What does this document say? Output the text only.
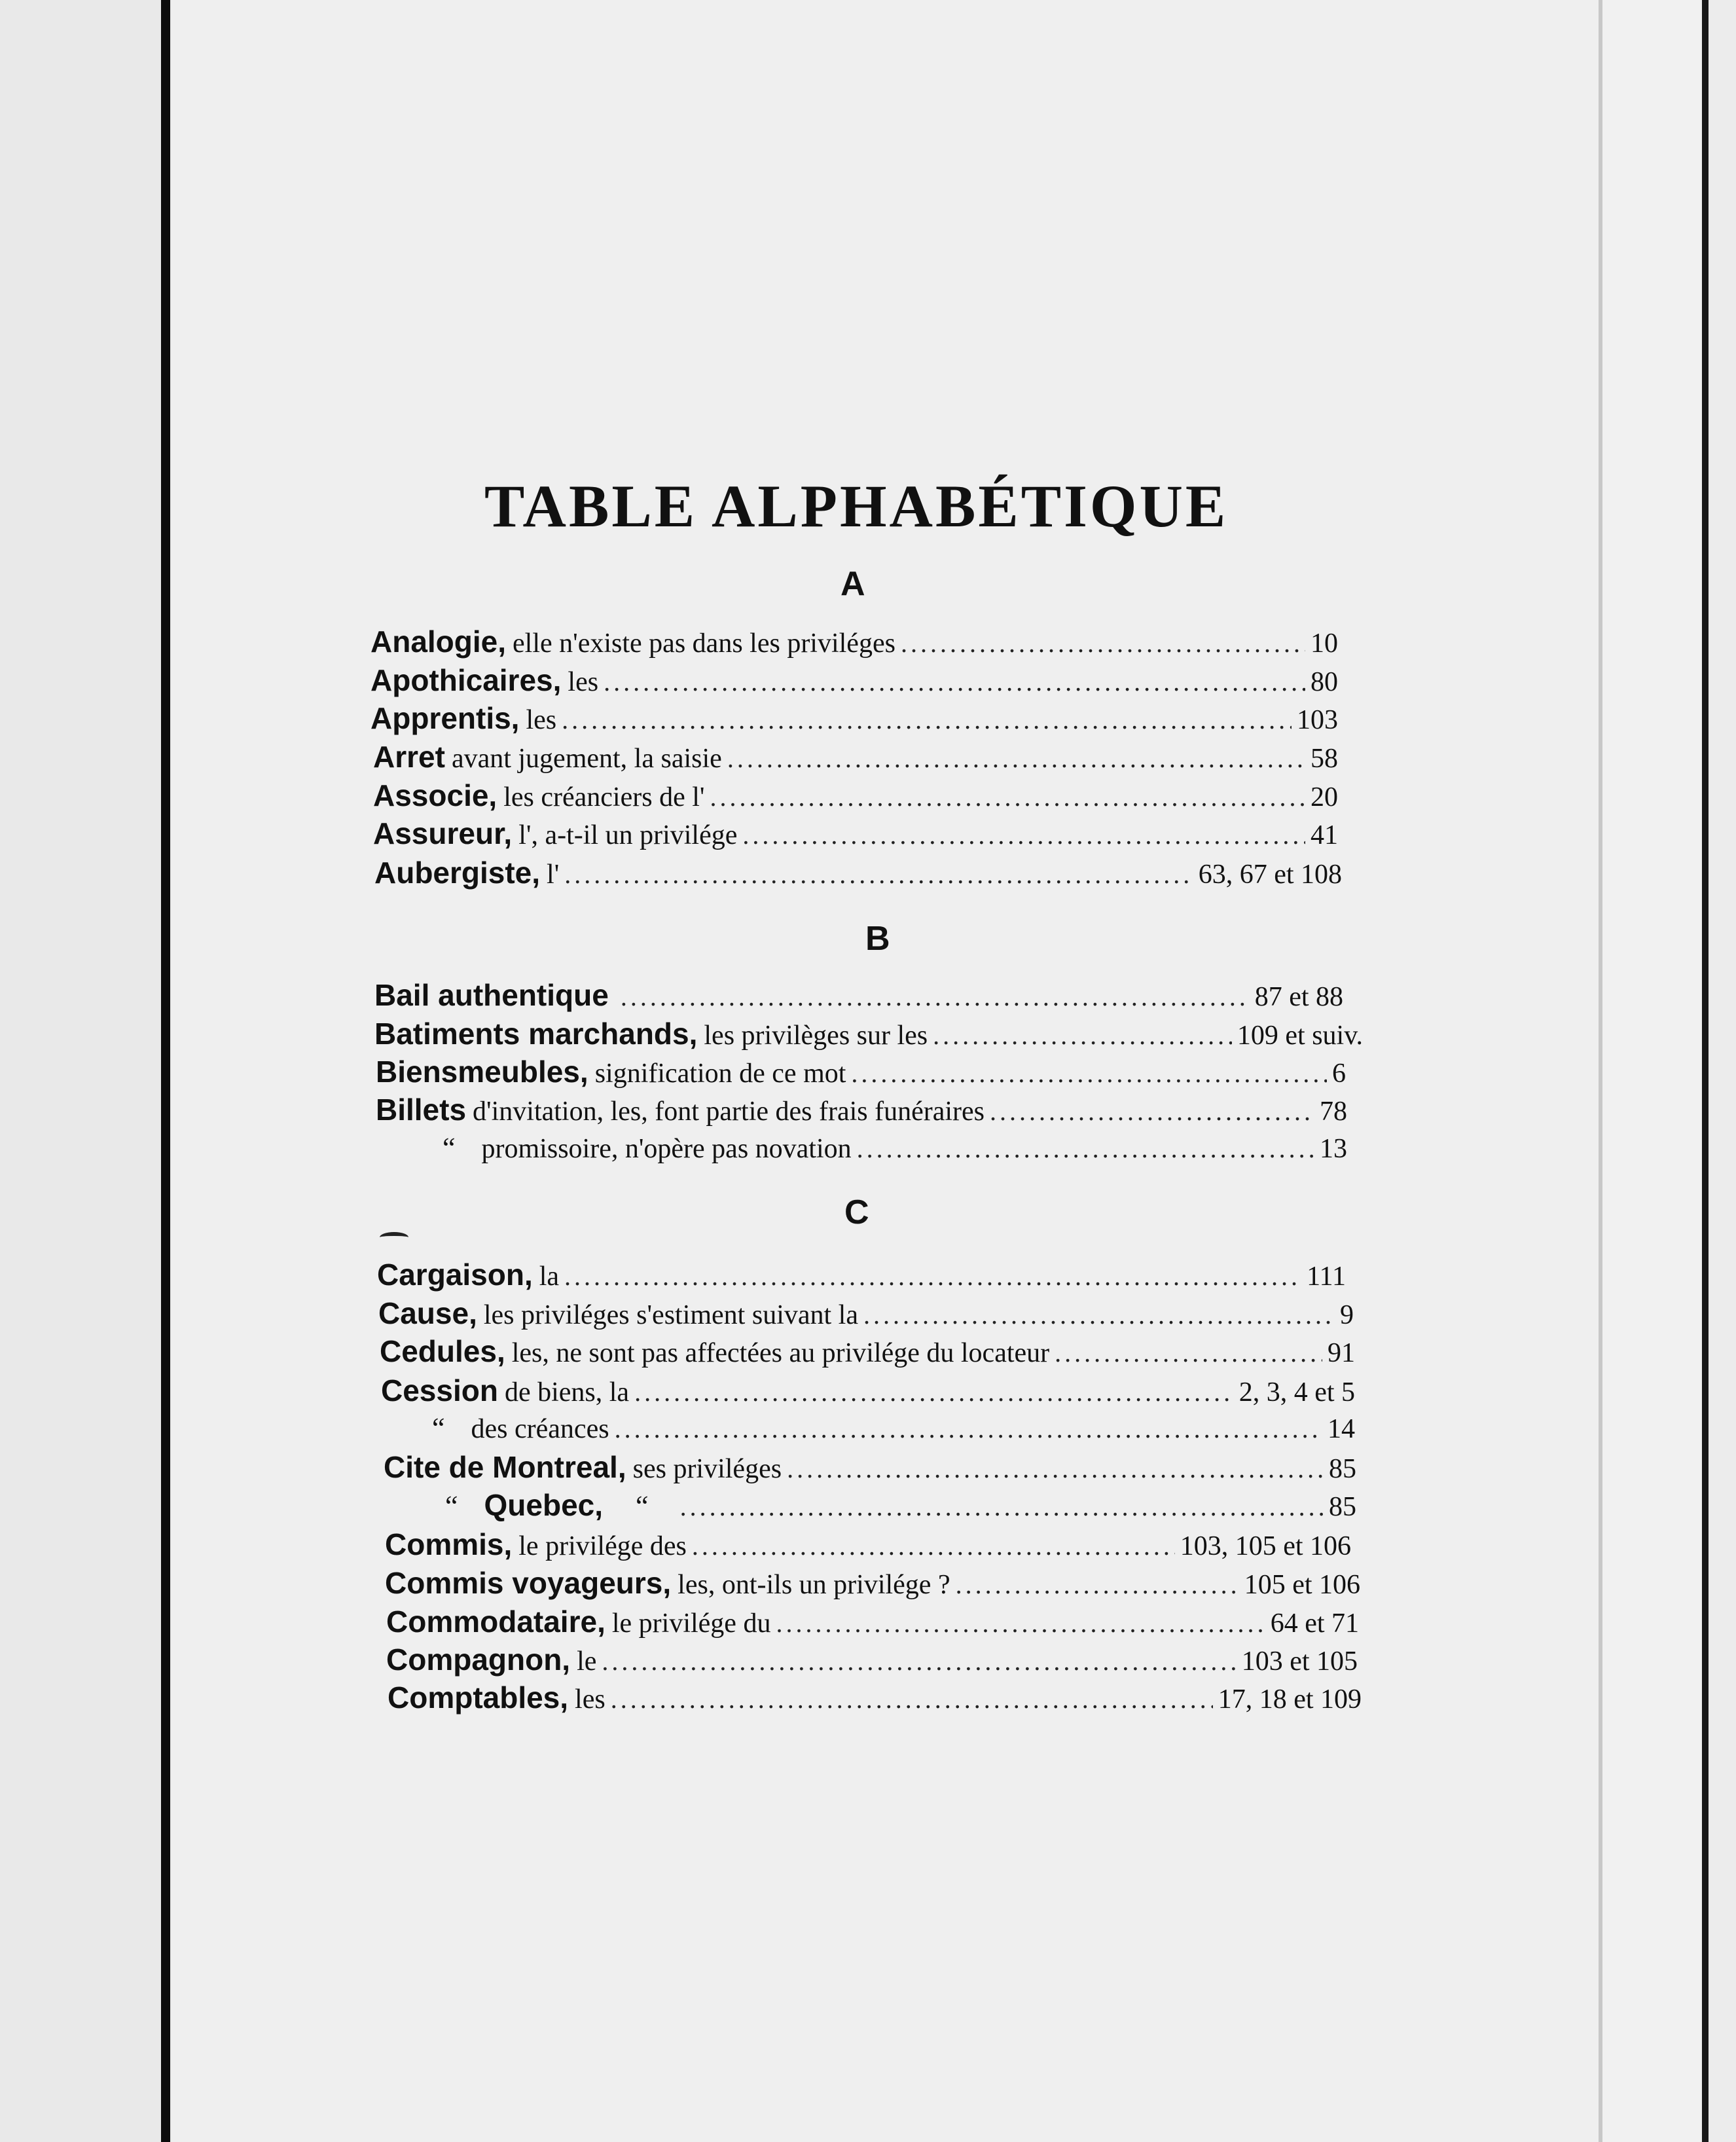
TABLE ALPHABÉTIQUE
A
Analogie, elle n'existe pas dans les priviléges .....	10
Apothicaires, les .....	80
Apprentis, les .....	103
Arret avant jugement, la saisie .....	58
Associe, les créanciers de l' .....	20
Assureur, l', a-t-il un privilége .....	41
Aubergiste, l' .....	63, 67 et 108
B
Bail authentique .....	87 et 88
Batiments marchands, les privilèges sur les .....	109 et suiv.
Biensmeubles, signification de ce mot .....	6
Billets d'invitation, les, font partie des frais funéraires .....	78
“ promissoire, n'opère pas novation .....	13
C
Cargaison, la .....	111
Cause, les priviléges s'estiment suivant la .....	9
Cedules, les, ne sont pas affectées au privilége du locateur .....	91
Cession de biens, la .....	2, 3, 4 et 5
“ des créances .....	14
Cite de Montreal, ses priviléges .....	85
“ Quebec, “ .....	85
Commis, le privilége des .....	103, 105 et 106
Commis voyageurs, les, ont-ils un privilége ? .....	105 et 106
Commodataire, le privilége du .....	64 et 71
Compagnon, le .....	103 et 105
Comptables, les .....	17, 18 et 109
